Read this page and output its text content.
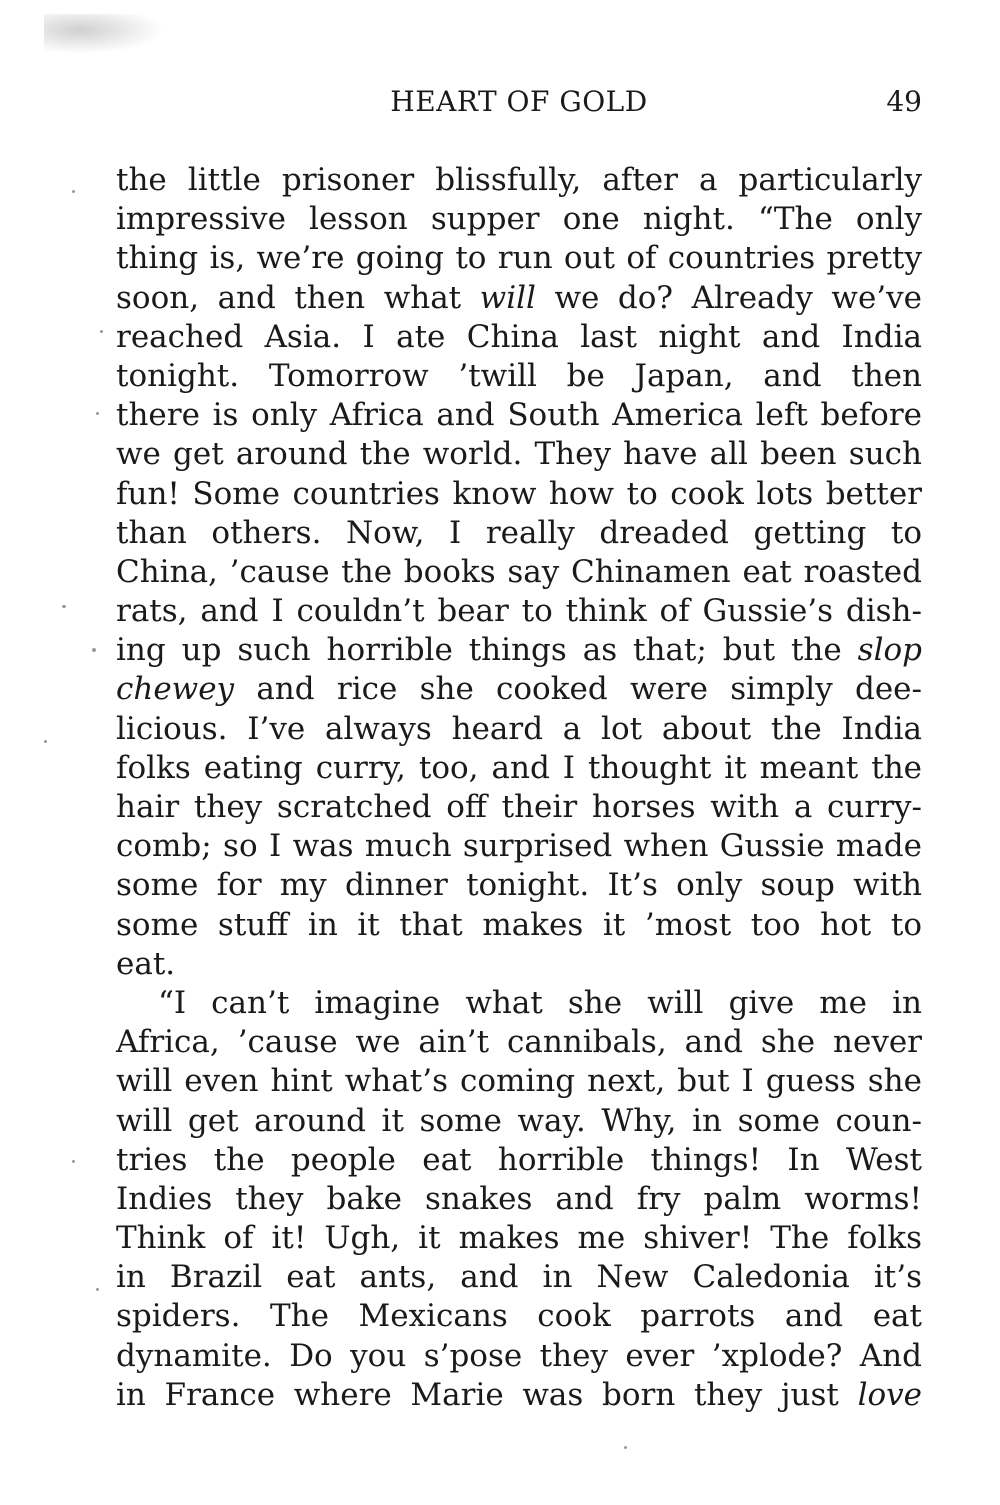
HEART OF GOLD	49
the little prisoner blissfully, after a particularly
impressive lesson supper one night. “The only
thing is, we’re going to run out of countries pretty
soon, and then what will we do? Already we’ve
reached Asia. I ate China last night and India
tonight. Tomorrow ’twill be Japan, and then
there is only Africa and South America left before
we get around the world. They have all been such
fun! Some countries know how to cook lots better
than others. Now, I really dreaded getting to
China, ’cause the books say Chinamen eat roasted
rats, and I couldn’t bear to think of Gussie’s dish-
ing up such horrible things as that; but the slop
chewey and rice she cooked were simply dee-
licious. I’ve always heard a lot about the India
folks eating curry, too, and I thought it meant the
hair they scratched off their horses with a curry-
comb; so I was much surprised when Gussie made
some for my dinner tonight. It’s only soup with
some stuff in it that makes it ’most too hot to
eat.
“I can’t imagine what she will give me in
Africa, ’cause we ain’t cannibals, and she never
will even hint what’s coming next, but I guess she
will get around it some way. Why, in some coun-
tries the people eat horrible things! In West
Indies they bake snakes and fry palm worms!
Think of it! Ugh, it makes me shiver! The folks
in Brazil eat ants, and in New Caledonia it’s
spiders. The Mexicans cook parrots and eat
dynamite. Do you s’pose they ever ’xplode? And
in France where Marie was born they just love
